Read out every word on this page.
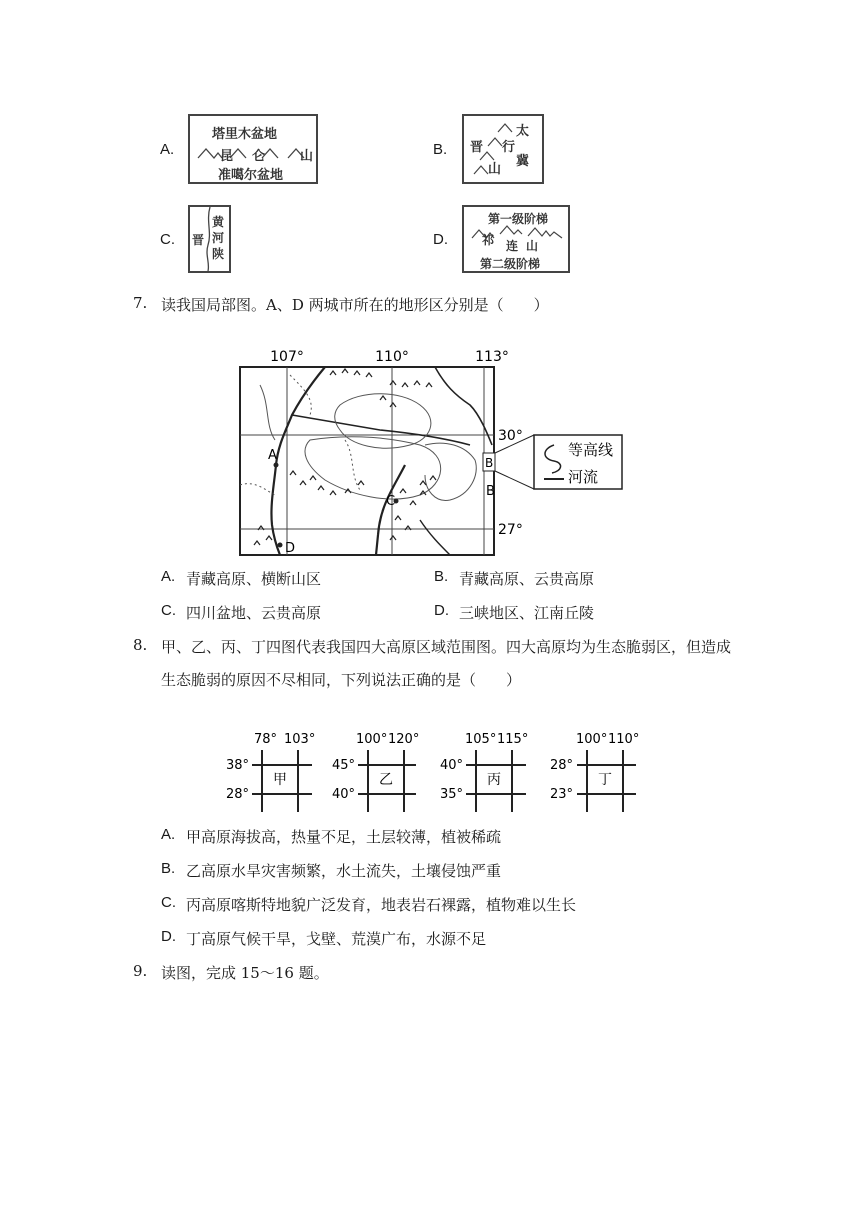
A.
塔里木盆地
昆 仑	山
准噶尔盆地
B.
太
行
晋
冀
山
C.
黄
河
晋
陕
D.
第一级阶梯
祁 连 山
第二级阶梯
7. 读我国局部图。A、D 两城市所在的地形区分别是（　　）
107°	110°	113°
30°
27°
A
B
C
D
B
等高线
河流
A. 青藏高原、横断山区	B. 青藏高原、云贵高原
C. 四川盆地、云贵高原	D. 三峡地区、江南丘陵
8. 甲、乙、丙、丁四图代表我国四大高原区域范围图。四大高原均为生态脆弱区，但造成
生态脆弱的原因不尽相同，下列说法正确的是（　　）
78° 103°
38°
28°
甲
100° 120°
45°
40°
乙
105° 115°
40°
35°
丙
100° 110°
28°
23°
丁
A. 甲高原海拔高，热量不足，土层较薄，植被稀疏
B. 乙高原水旱灾害频繁，水土流失，土壤侵蚀严重
C. 丙高原喀斯特地貌广泛发育，地表岩石裸露，植物难以生长
D. 丁高原气候干旱，戈壁、荒漠广布，水源不足
9. 读图，完成 15～16 题。
